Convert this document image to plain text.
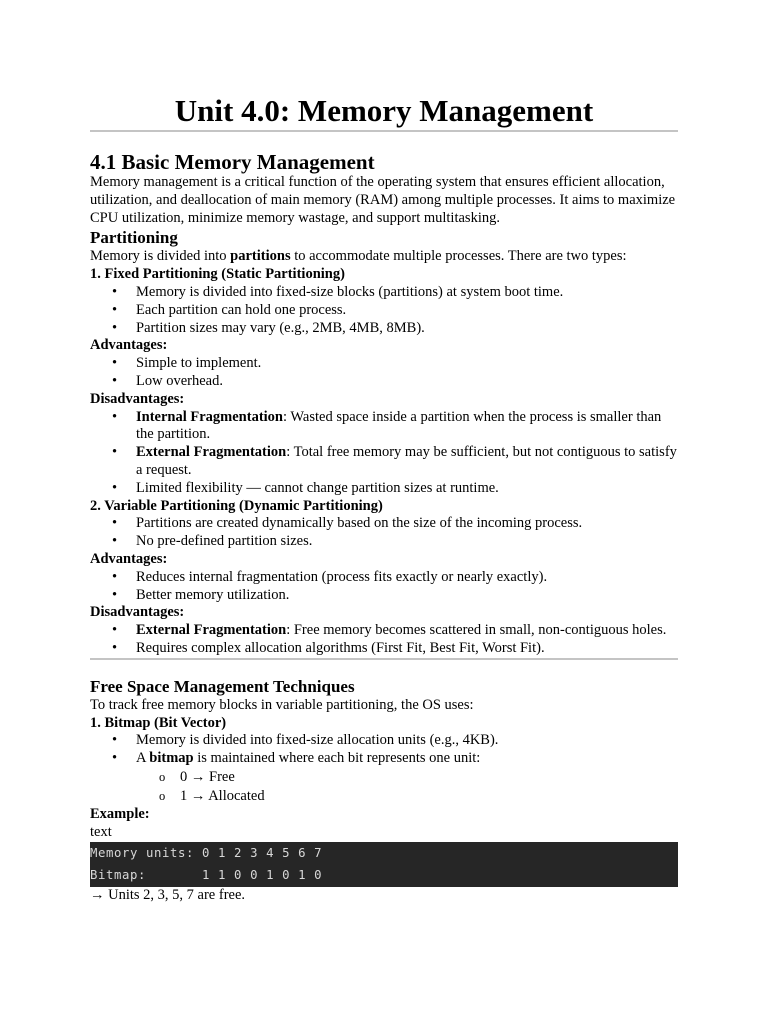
Unit 4.0: Memory Management
4.1 Basic Memory Management

Memory management is a critical function of the operating system that ensures efficient allocation, utilization, and deallocation of main memory (RAM) among multiple processes. It aims to maximize CPU utilization, minimize memory wastage, and support multitasking.

Partitioning

Memory is divided into partitions to accommodate multiple processes. There are two types:

1. Fixed Partitioning (Static Partitioning)

• Memory is divided into fixed-size blocks (partitions) at system boot time.
• Each partition can hold one process.
• Partition sizes may vary (e.g., 2MB, 4MB, 8MB).

Advantages:

• Simple to implement.
• Low overhead.

Disadvantages:

• Internal Fragmentation: Wasted space inside a partition when the process is smaller than the partition.
• External Fragmentation: Total free memory may be sufficient, but not contiguous to satisfy a request.
• Limited flexibility — cannot change partition sizes at runtime.

2. Variable Partitioning (Dynamic Partitioning)

• Partitions are created dynamically based on the size of the incoming process.
• No pre-defined partition sizes.

Advantages:

• Reduces internal fragmentation (process fits exactly or nearly exactly).
• Better memory utilization.

Disadvantages:

• External Fragmentation: Free memory becomes scattered in small, non-contiguous holes.
• Requires complex allocation algorithms (First Fit, Best Fit, Worst Fit).
Free Space Management Techniques

To track free memory blocks in variable partitioning, the OS uses:

1. Bitmap (Bit Vector)

• Memory is divided into fixed-size allocation units (e.g., 4KB).
• A bitmap is maintained where each bit represents one unit:
o 0 → Free
o 1 → Allocated

Example:

text

Memory units: 0 1 2 3 4 5 6 7
Bitmap:       1 1 0 0 1 0 1 0

→ Units 2, 3, 5, 7 are free.
